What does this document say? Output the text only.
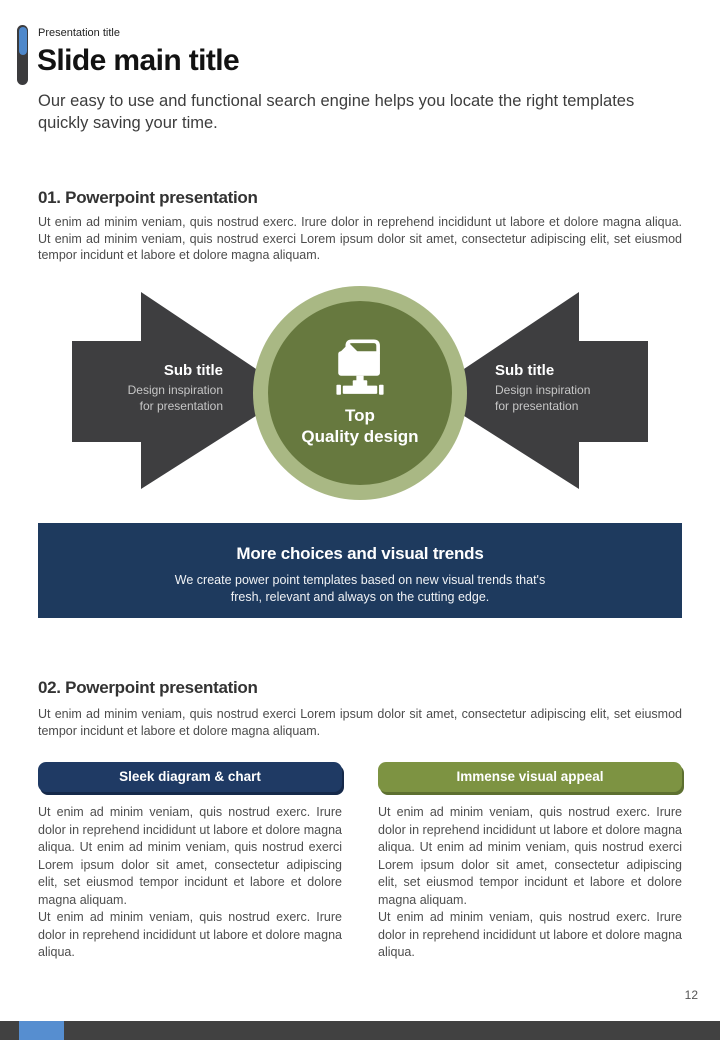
Presentation title
Slide main title
Our easy to use and functional search engine helps you locate the right templates quickly saving your time.
01. Powerpoint presentation
Ut enim ad minim veniam, quis nostrud exerc. Irure dolor in reprehend incididunt ut labore et dolore magna aliqua. Ut enim ad minim veniam, quis nostrud exerci Lorem ipsum dolor sit amet, consectetur adipiscing elit, set eiusmod tempor incidunt et labore et dolore magna aliquam.
Sub title
Design inspiration
for presentation
Sub title
Design inspiration
for presentation
Top
Quality design
More choices and visual trends
We create power point templates based on new visual trends that's
fresh, relevant and always on the cutting edge.
02. Powerpoint presentation
Ut enim ad minim veniam, quis nostrud exerci Lorem ipsum dolor sit amet, consectetur adipiscing elit, set eiusmod tempor incidunt et labore et dolore magna aliquam.
Sleek diagram & chart	Immense visual appeal

Ut enim ad minim veniam, quis nostrud exerc. Irure dolor in reprehend incididunt ut labore et dolore magna aliqua. Ut enim ad minim veniam, quis nostrud exerci Lorem ipsum dolor sit amet, consectetur adipiscing elit, set eiusmod tempor incidunt et labore et dolore magna aliquam.

Ut enim ad minim veniam, quis nostrud exerc. Irure dolor in reprehend incididunt ut labore et dolore magna aliqua.

Ut enim ad minim veniam, quis nostrud exerc. Irure dolor in reprehend incididunt ut labore et dolore magna aliqua. Ut enim ad minim veniam, quis nostrud exerci Lorem ipsum dolor sit amet, consectetur adipiscing elit, set eiusmod tempor incidunt et labore et dolore magna aliquam.

Ut enim ad minim veniam, quis nostrud exerc. Irure dolor in reprehend incididunt ut labore et dolore magna aliqua.

12
